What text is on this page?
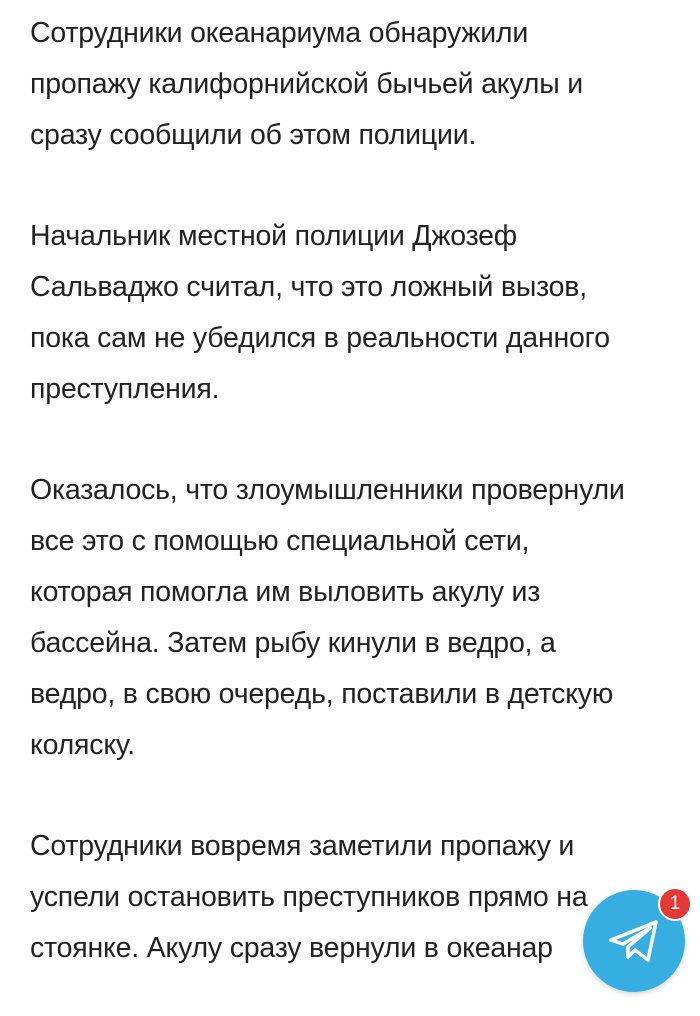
Сотрудники океанариума обнаружили
пропажу калифорнийской бычьей акулы и
сразу сообщили об этом полиции.

Начальник местной полиции Джозеф
Сальваджо считал, что это ложный вызов,
пока сам не убедился в реальности данного
преступления.

Оказалось, что злоумышленники провернули
все это с помощью специальной сети,
которая помогла им выловить акулу из
бассейна. Затем рыбу кинули в ведро, а
ведро, в свою очередь, поставили в детскую
коляску.

Сотрудники вовремя заметили пропажу и
успели остановить преступников прямо на
стоянке. Акулу сразу вернули в океанар

1
